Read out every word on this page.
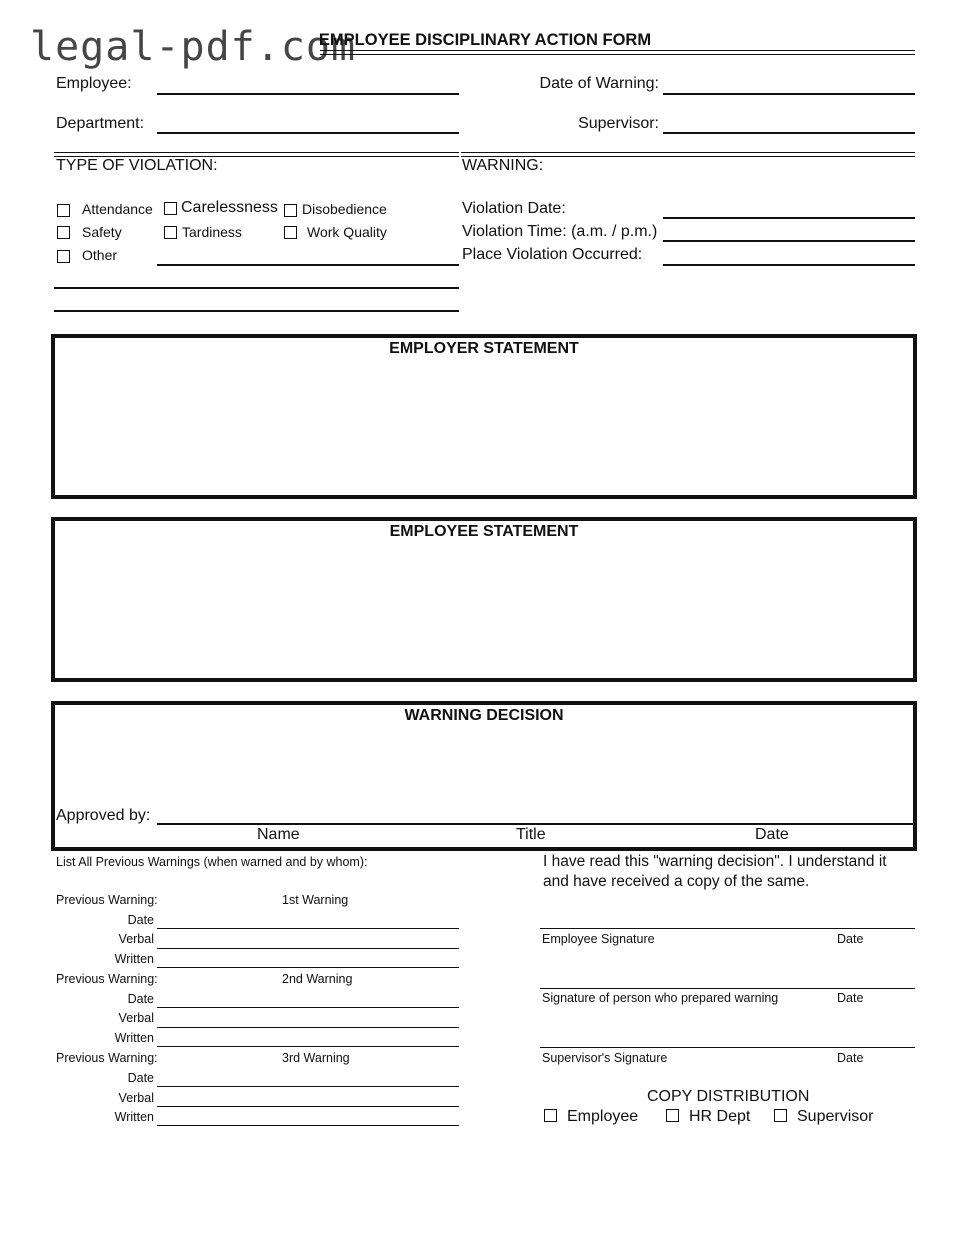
legal-pdf.com
EMPLOYEE DISCIPLINARY ACTION FORM
Employee:	Date of Warning:
Department:	Supervisor:
TYPE OF VIOLATION:	WARNING:
Attendance Carelessness Disobedience
Safety	Tardiness	Work Quality
Other
Violation Date:
Violation Time: (a.m. / p.m.)
Place Violation Occurred:
EMPLOYER STATEMENT
EMPLOYEE STATEMENT
WARNING DECISION
Approved by:
Name	Title	Date
List All Previous Warnings (when warned and by whom):
Previous Warning:	1st Warning
Date
Verbal
Written
Previous Warning:	2nd Warning
Date
Verbal
Written
Previous Warning:	3rd Warning
Date
Verbal
Written
I have read this "warning decision". I understand it and have received a copy of the same.
Employee Signature	Date
Signature of person who prepared warning	Date
Supervisor's Signature	Date
COPY DISTRIBUTION
Employee	HR Dept	Supervisor
